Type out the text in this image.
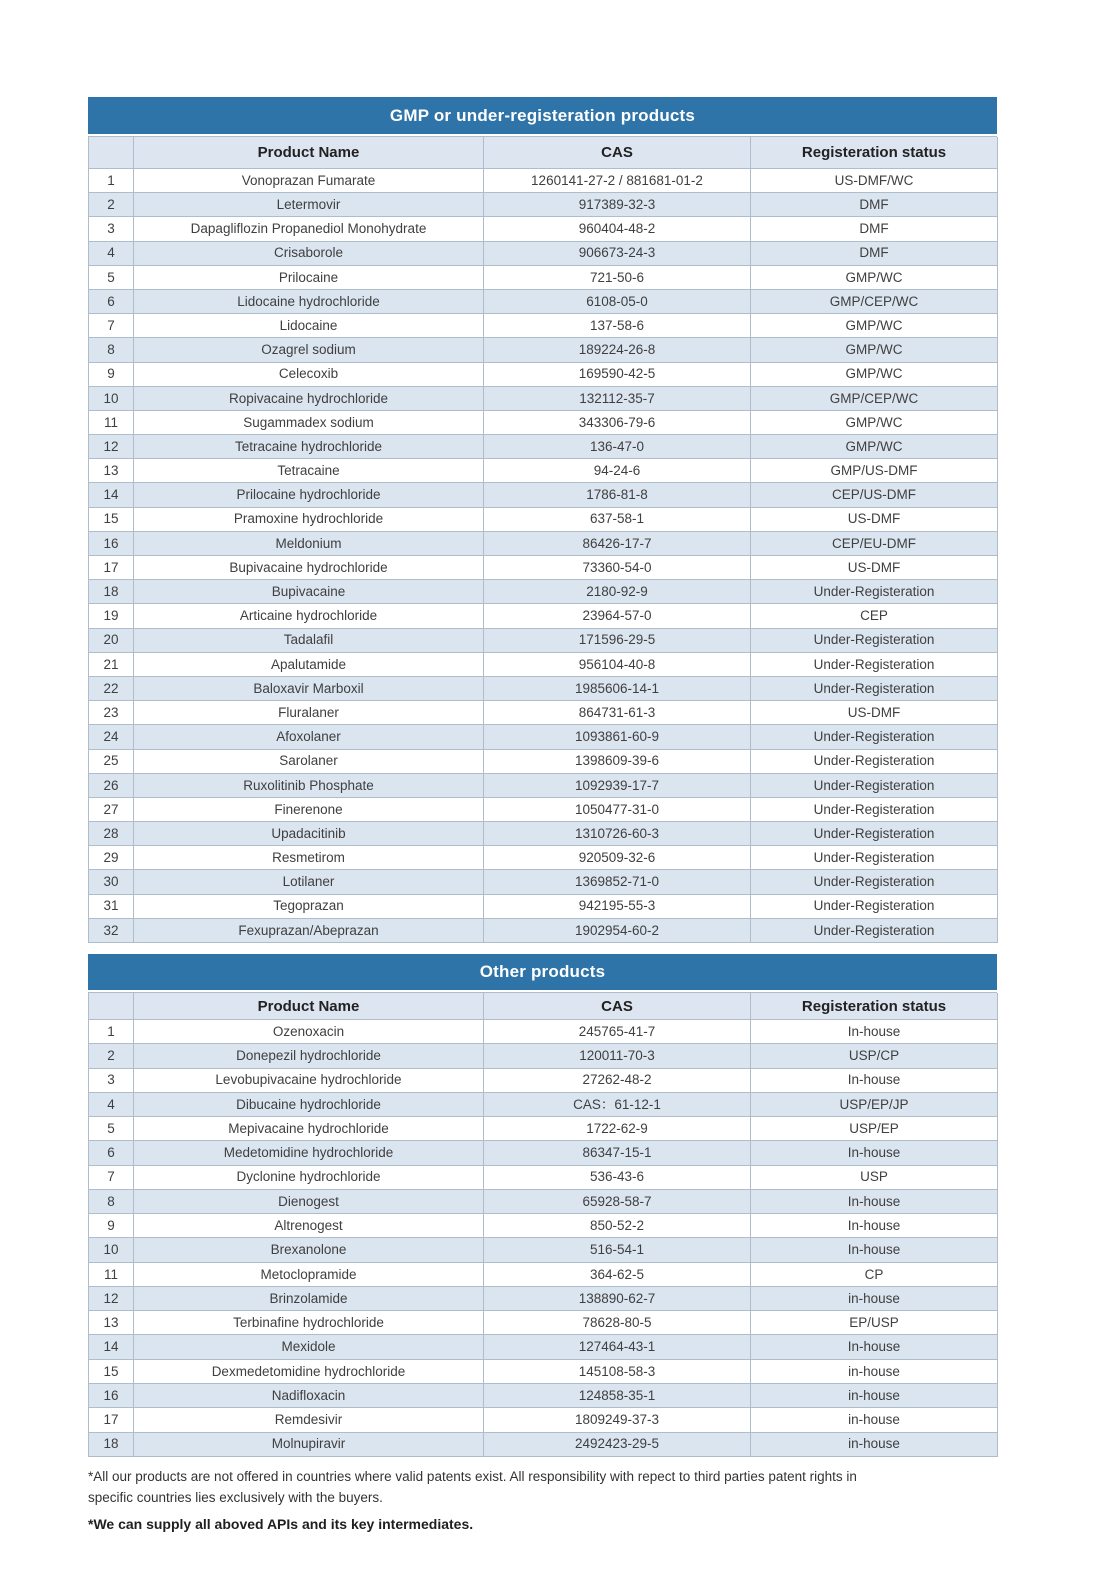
GMP or under-registeration products
Product Name	CAS	Registeration status
1	Vonoprazan Fumarate	1260141-27-2 / 881681-01-2	US-DMF/WC
2	Letermovir	917389-32-3	DMF
3	Dapagliflozin Propanediol Monohydrate	960404-48-2	DMF
4	Crisaborole	906673-24-3	DMF
5	Prilocaine	721-50-6	GMP/WC
6	Lidocaine hydrochloride	6108-05-0	GMP/CEP/WC
7	Lidocaine	137-58-6	GMP/WC
8	Ozagrel sodium	189224-26-8	GMP/WC
9	Celecoxib	169590-42-5	GMP/WC
10	Ropivacaine hydrochloride	132112-35-7	GMP/CEP/WC
11	Sugammadex sodium	343306-79-6	GMP/WC
12	Tetracaine hydrochloride	136-47-0	GMP/WC
13	Tetracaine	94-24-6	GMP/US-DMF
14	Prilocaine hydrochloride	1786-81-8	CEP/US-DMF
15	Pramoxine hydrochloride	637-58-1	US-DMF
16	Meldonium	86426-17-7	CEP/EU-DMF
17	Bupivacaine hydrochloride	73360-54-0	US-DMF
18	Bupivacaine	2180-92-9	Under-Registeration
19	Articaine hydrochloride	23964-57-0	CEP
20	Tadalafil	171596-29-5	Under-Registeration
21	Apalutamide	956104-40-8	Under-Registeration
22	Baloxavir Marboxil	1985606-14-1	Under-Registeration
23	Fluralaner	864731-61-3	US-DMF
24	Afoxolaner	1093861-60-9	Under-Registeration
25	Sarolaner	1398609-39-6	Under-Registeration
26	Ruxolitinib Phosphate	1092939-17-7	Under-Registeration
27	Finerenone	1050477-31-0	Under-Registeration
28	Upadacitinib	1310726-60-3	Under-Registeration
29	Resmetirom	920509-32-6	Under-Registeration
30	Lotilaner	1369852-71-0	Under-Registeration
31	Tegoprazan	942195-55-3	Under-Registeration
32	Fexuprazan/Abeprazan	1902954-60-2	Under-Registeration
Other products
Product Name	CAS	Registeration status
1	Ozenoxacin	245765-41-7	In-house
2	Donepezil hydrochloride	120011-70-3	USP/CP
3	Levobupivacaine hydrochloride	27262-48-2	In-house
4	Dibucaine hydrochloride	CAS：61-12-1	USP/EP/JP
5	Mepivacaine hydrochloride	1722-62-9	USP/EP
6	Medetomidine hydrochloride	86347-15-1	In-house
7	Dyclonine hydrochloride	536-43-6	USP
8	Dienogest	65928-58-7	In-house
9	Altrenogest	850-52-2	In-house
10	Brexanolone	516-54-1	In-house
11	Metoclopramide	364-62-5	CP
12	Brinzolamide	138890-62-7	in-house
13	Terbinafine hydrochloride	78628-80-5	EP/USP
14	Mexidole	127464-43-1	In-house
15	Dexmedetomidine hydrochloride	145108-58-3	in-house
16	Nadifloxacin	124858-35-1	in-house
17	Remdesivir	1809249-37-3	in-house
18	Molnupiravir	2492423-29-5	in-house

*All our products are not offered in countries where valid patents exist. All responsibility with repect to third parties patent rights in specific countries lies exclusively with the buyers.

*We can supply all aboved APIs and its key intermediates.
